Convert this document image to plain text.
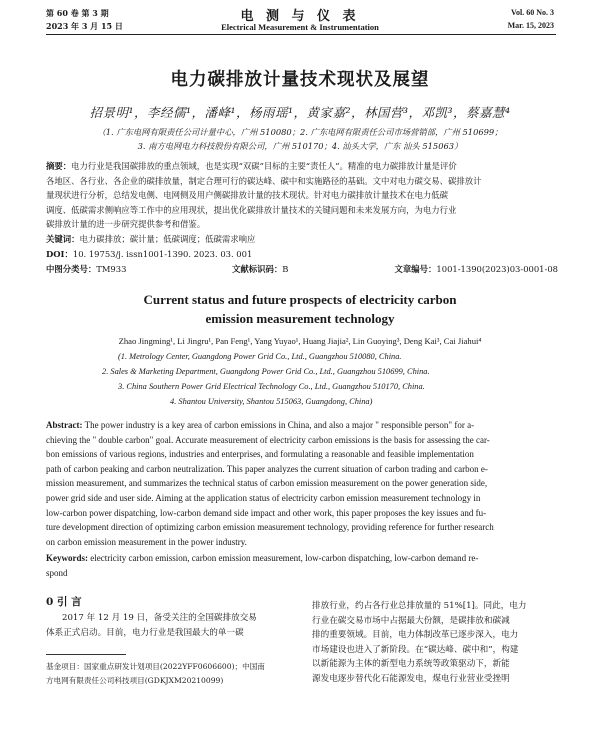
第 60 卷 第 3 期
2023 年 3 月 15 日
电 测 与 仪 表
Electrical Measurement & Instrumentation
Vol. 60 No. 3
Mar. 15, 2023
电力碳排放计量技术现状及展望
招景明¹，李经儒¹，潘峰¹，杨雨瑶¹，黄家嘉²，林国营³，邓凯³，蔡嘉慧⁴
（1. 广东电网有限责任公司计量中心，广州 510080；2. 广东电网有限责任公司市场营销部，广州 510699；
3. 南方电网电力科技股份有限公司，广州 510170；4. 汕头大学，广东 汕头 515063）
摘要：电力行业是我国碳排放的重点领域，也是实现“双碳”目标的主要“责任人”。精准的电力碳排放计量是评价
各地区、各行业、各企业的碳排放量，制定合理可行的碳达峰、碳中和实施路径的基础。文中对电力碳交易、碳排放计
量现状进行分析，总结发电侧、电网侧及用户侧碳排放计量的技术现状。针对电力碳排放计量技术在电力低碳
调度、低碳需求侧响应等工作中的应用现状，提出优化碳排放计量技术的关键问题和未来发展方向，为电力行业
碳排放计量的进一步研究提供参考和借鉴。
关键词：电力碳排放；碳计量；低碳调度；低碳需求响应
DOI：10. 19753/j. issn1001-1390. 2023. 03. 001
中图分类号：TM933	文献标识码：B	文章编号：1001-1390(2023)03-0001-08
Current status and future prospects of electricity carbon
emission measurement technology
Zhao Jingming¹, Li Jingru¹, Pan Feng¹, Yang Yuyao¹, Huang Jiajia², Lin Guoying³, Deng Kai³, Cai Jiahui⁴
(1. Metrology Center, Guangdong Power Grid Co., Ltd., Guangzhou 510080, China.
2. Sales & Marketing Department, Guangdong Power Grid Co., Ltd., Guangzhou 510699, China.
3. China Southern Power Grid Electrical Technology Co., Ltd., Guangzhou 510170, China.
4. Shantou University, Shantou 515063, Guangdong, China)
Abstract: The power industry is a key area of carbon emissions in China, and also a major " responsible person" for a-
chieving the " double carbon" goal. Accurate measurement of electricity carbon emissions is the basis for assessing the car-
bon emissions of various regions, industries and enterprises, and formulating a reasonable and feasible implementation
path of carbon peaking and carbon neutralization. This paper analyzes the current situation of carbon trading and carbon e-
mission measurement, and summarizes the technical status of carbon emission measurement on the power generation side,
power grid side and user side. Aiming at the application status of electricity carbon emission measurement technology in
low-carbon power dispatching, low-carbon demand side impact and other work, this paper proposes the key issues and fu-
ture development direction of optimizing carbon emission measurement technology, providing reference for further research
on carbon emission measurement in the power industry.
Keywords: electricity carbon emission, carbon emission measurement, low-carbon dispatching, low-carbon demand re-
spond
0 引 言
2017 年 12 月 19 日，备受关注的全国碳排放交易
体系正式启动。目前，电力行业是我国最大的单一碳
排放行业，约占各行业总排放量的 51%[1]。同此，电力
行业在碳交易市场中占据最大份额，是碳排放和碳减
排的重要领域。目前，电力体制改革已逐步深入，电力
市场建设也进入了新阶段。在“碳达峰、碳中和”，构建
以新能源为主体的新型电力系统等政策驱动下，新能
源发电逐步替代化石能源发电，煤电行业营业受挫明
基金项目：国家重点研发计划项目(2022YFF0606600)；中国南
方电网有限责任公司科技项目(GDKJXM20210099)
